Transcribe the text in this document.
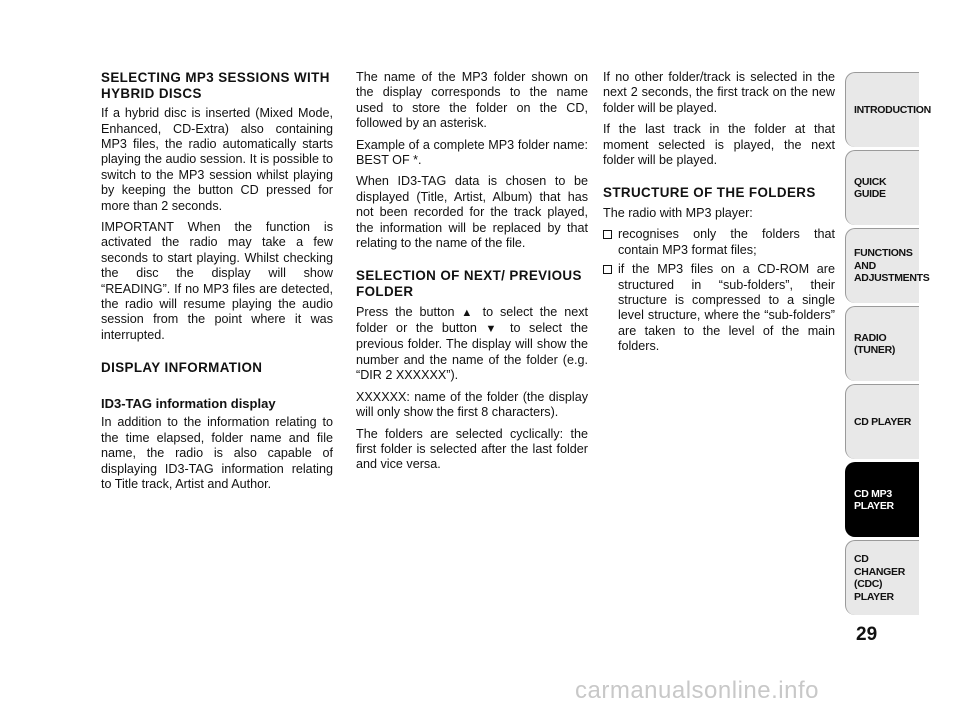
SELECTING MP3 SESSIONS WITH HYBRID DISCS

If a hybrid disc is inserted (Mixed Mode, Enhanced, CD-Extra) also containing MP3 files, the radio automatically starts playing the audio session. It is possible to switch to the MP3 session whilst playing by keeping the button CD pressed for more than 2 seconds.

IMPORTANT When the function is activated the radio may take a few seconds to start playing. Whilst checking the disc the display will show “READING”. If no MP3 files are detected, the radio will resume playing the audio session from the point where it was interrupted.

DISPLAY INFORMATION
ID3-TAG information display

In addition to the information relating to the time elapsed, folder name and file name, the radio is also capable of displaying ID3-TAG information relating to Title track, Artist and Author.

The name of the MP3 folder shown on the display corresponds to the name used to store the folder on the CD, followed by an asterisk.

Example of a complete MP3 folder name: BEST OF *.

When ID3-TAG data is chosen to be displayed (Title, Artist, Album) that has not been recorded for the track played, the information will be replaced by that relating to the name of the file.

SELECTION OF NEXT/ PREVIOUS FOLDER

Press the button ▲ to select the next folder or the button ▼ to select the previous folder. The display will show the number and the name of the folder (e.g. “DIR 2 XXXXXX”).

XXXXXX: name of the folder (the display will only show the first 8 characters).

The folders are selected cyclically: the first folder is selected after the last folder and vice versa.

If no other folder/track is selected in the next 2 seconds, the first track on the new folder will be played.

If the last track in the folder at that moment selected is played, the next folder will be played.

STRUCTURE OF THE FOLDERS

The radio with MP3 player:

recognises only the folders that contain MP3 format files;
if the MP3 files on a CD-ROM are structured in “sub-folders”, their structure is compressed to a single level structure, where the “sub-folders” are taken to the level of the main folders.
INTRODUCTION
QUICK
GUIDE
FUNCTIONS
AND
ADJUSTMENTS
RADIO
(TUNER)
CD PLAYER
CD MP3
PLAYER
CD CHANGER
(CDC) PLAYER
29
carmanualsonline.info
